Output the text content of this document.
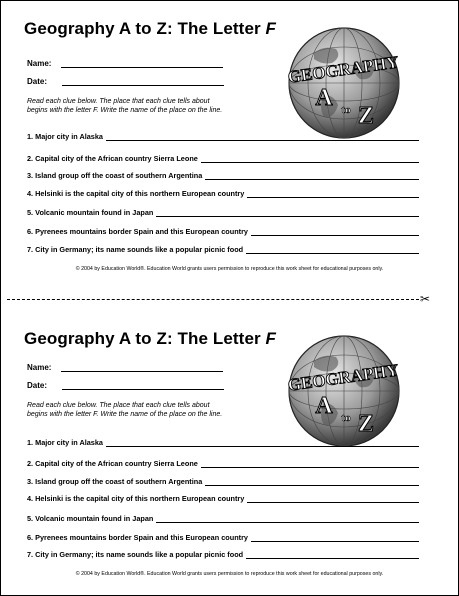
Geography A to Z: The Letter F
Name:
Date:
Read each clue below. The place that each clue tells about begins with the letter F. Write the name of the place on the line.
GEOGRAPHY
A to Z
1. Major city in Alaska
2. Capital city of the African country Sierra Leone
3. Island group off the coast of southern Argentina
4. Helsinki is the capital city of this northern European country
5. Volcanic mountain found in Japan
6. Pyrenees mountains border Spain and this European country
7. City in Germany; its name sounds like a popular picnic food
© 2004 by Education World®. Education World grants users permission to reproduce this work sheet for educational purposes only.
✂
Geography A to Z: The Letter F
Name:
Date:
Read each clue below. The place that each clue tells about begins with the letter F. Write the name of the place on the line.
GEOGRAPHY
A to Z
1. Major city in Alaska
2. Capital city of the African country Sierra Leone
3. Island group off the coast of southern Argentina
4. Helsinki is the capital city of this northern European country
5. Volcanic mountain found in Japan
6. Pyrenees mountains border Spain and this European country
7. City in Germany; its name sounds like a popular picnic food
© 2004 by Education World®. Education World grants users permission to reproduce this work sheet for educational purposes only.
